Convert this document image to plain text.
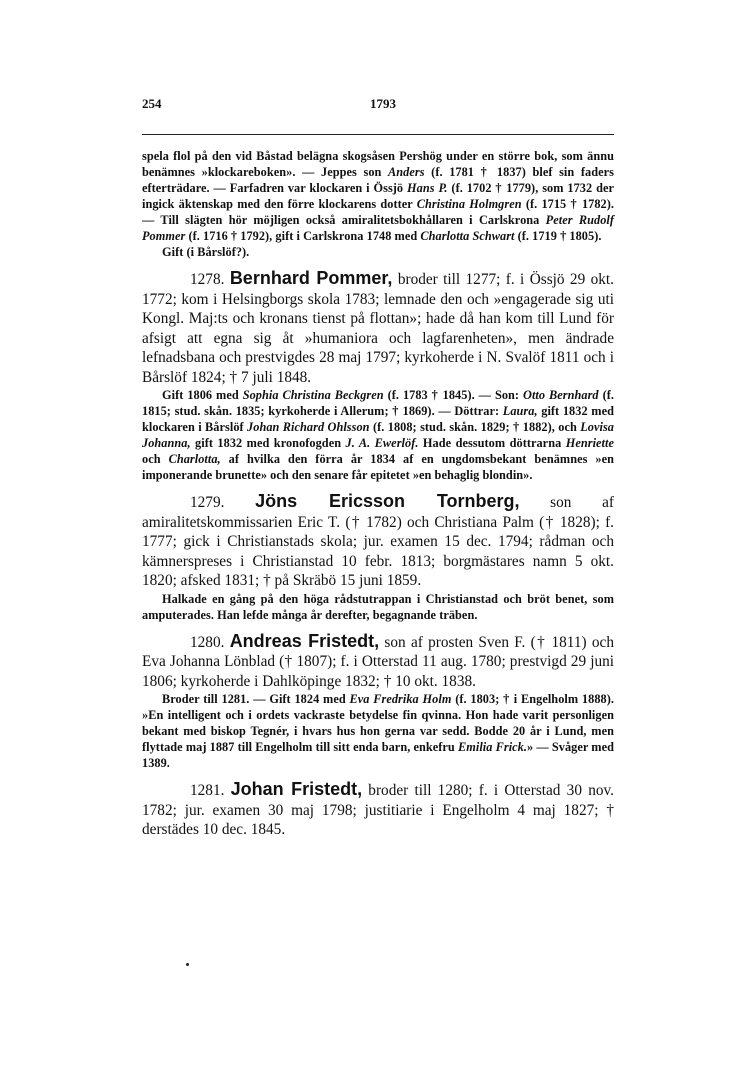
254	1793

spela flol på den vid Båstad belägna skogsåsen Pershög under en större bok, som ännu benämnes »klockareboken». — Jeppes son Anders (f. 1781 † 1837) blef sin faders efterträdare. — Farfadren var klockaren i Össjö Hans P. (f. 1702 † 1779), som 1732 der ingick äktenskap med den förre klockarens dotter Christina Holmgren (f. 1715 † 1782). — Till slägten hör möjligen också amiralitetsbokhållaren i Carlskrona Peter Rudolf Pommer (f. 1716 † 1792), gift i Carlskrona 1748 med Charlotta Schwart (f. 1719 † 1805).

Gift (i Bårslöf?).

1278. Bernhard Pommer, broder till 1277; f. i Össjö 29 okt. 1772; kom i Helsingborgs skola 1783; lemnade den och »engagerade sig uti Kongl. Maj:ts och kronans tienst på flottan»; hade då han kom till Lund för afsigt att egna sig åt »humaniora och lagfarenheten», men ändrade lefnadsbana och prestvigdes 28 maj 1797; kyrkoherde i N. Svalöf 1811 och i Bårslöf 1824; † 7 juli 1848.

Gift 1806 med Sophia Christina Beckgren (f. 1783 † 1845). — Son: Otto Bernhard (f. 1815; stud. skån. 1835; kyrkoherde i Allerum; † 1869). — Döttrar: Laura, gift 1832 med klockaren i Bårslöf Johan Richard Ohlsson (f. 1808; stud. skån. 1829; † 1882), och Lovisa Johanna, gift 1832 med kronofogden J. A. Ewerlöf. Hade dessutom döttrarna Henriette och Charlotta, af hvilka den förra år 1834 af en ungdomsbekant benämnes »en imponerande brunette» och den senare får epitetet »en behaglig blondin».

1279. Jöns Ericsson Tornberg, son af amiralitetskommissarien Eric T. († 1782) och Christiana Palm († 1828); f. 1777; gick i Christianstads skola; jur. examen 15 dec. 1794; rådman och kämnerspreses i Christianstad 10 febr. 1813; borgmästares namn 5 okt. 1820; afsked 1831; † på Skräbö 15 juni 1859.

Halkade en gång på den höga rådstutrappan i Christianstad och bröt benet, som amputerades. Han lefde många år derefter, begagnande träben.

1280. Andreas Fristedt, son af prosten Sven F. († 1811) och Eva Johanna Lönblad († 1807); f. i Otterstad 11 aug. 1780; prestvigd 29 juni 1806; kyrkoherde i Dahlköpinge 1832; † 10 okt. 1838.

Broder till 1281. — Gift 1824 med Eva Fredrika Holm (f. 1803; † i Engelholm 1888). »En intelligent och i ordets vackraste betydelse fin qvinna. Hon hade varit personligen bekant med biskop Tegnér, i hvars hus hon gerna var sedd. Bodde 20 år i Lund, men flyttade maj 1887 till Engelholm till sitt enda barn, enkefru Emilia Frick.» — Svåger med 1389.

1281. Johan Fristedt, broder till 1280; f. i Otterstad 30 nov. 1782; jur. examen 30 maj 1798; justitiarie i Engelholm 4 maj 1827; † derstädes 10 dec. 1845.
